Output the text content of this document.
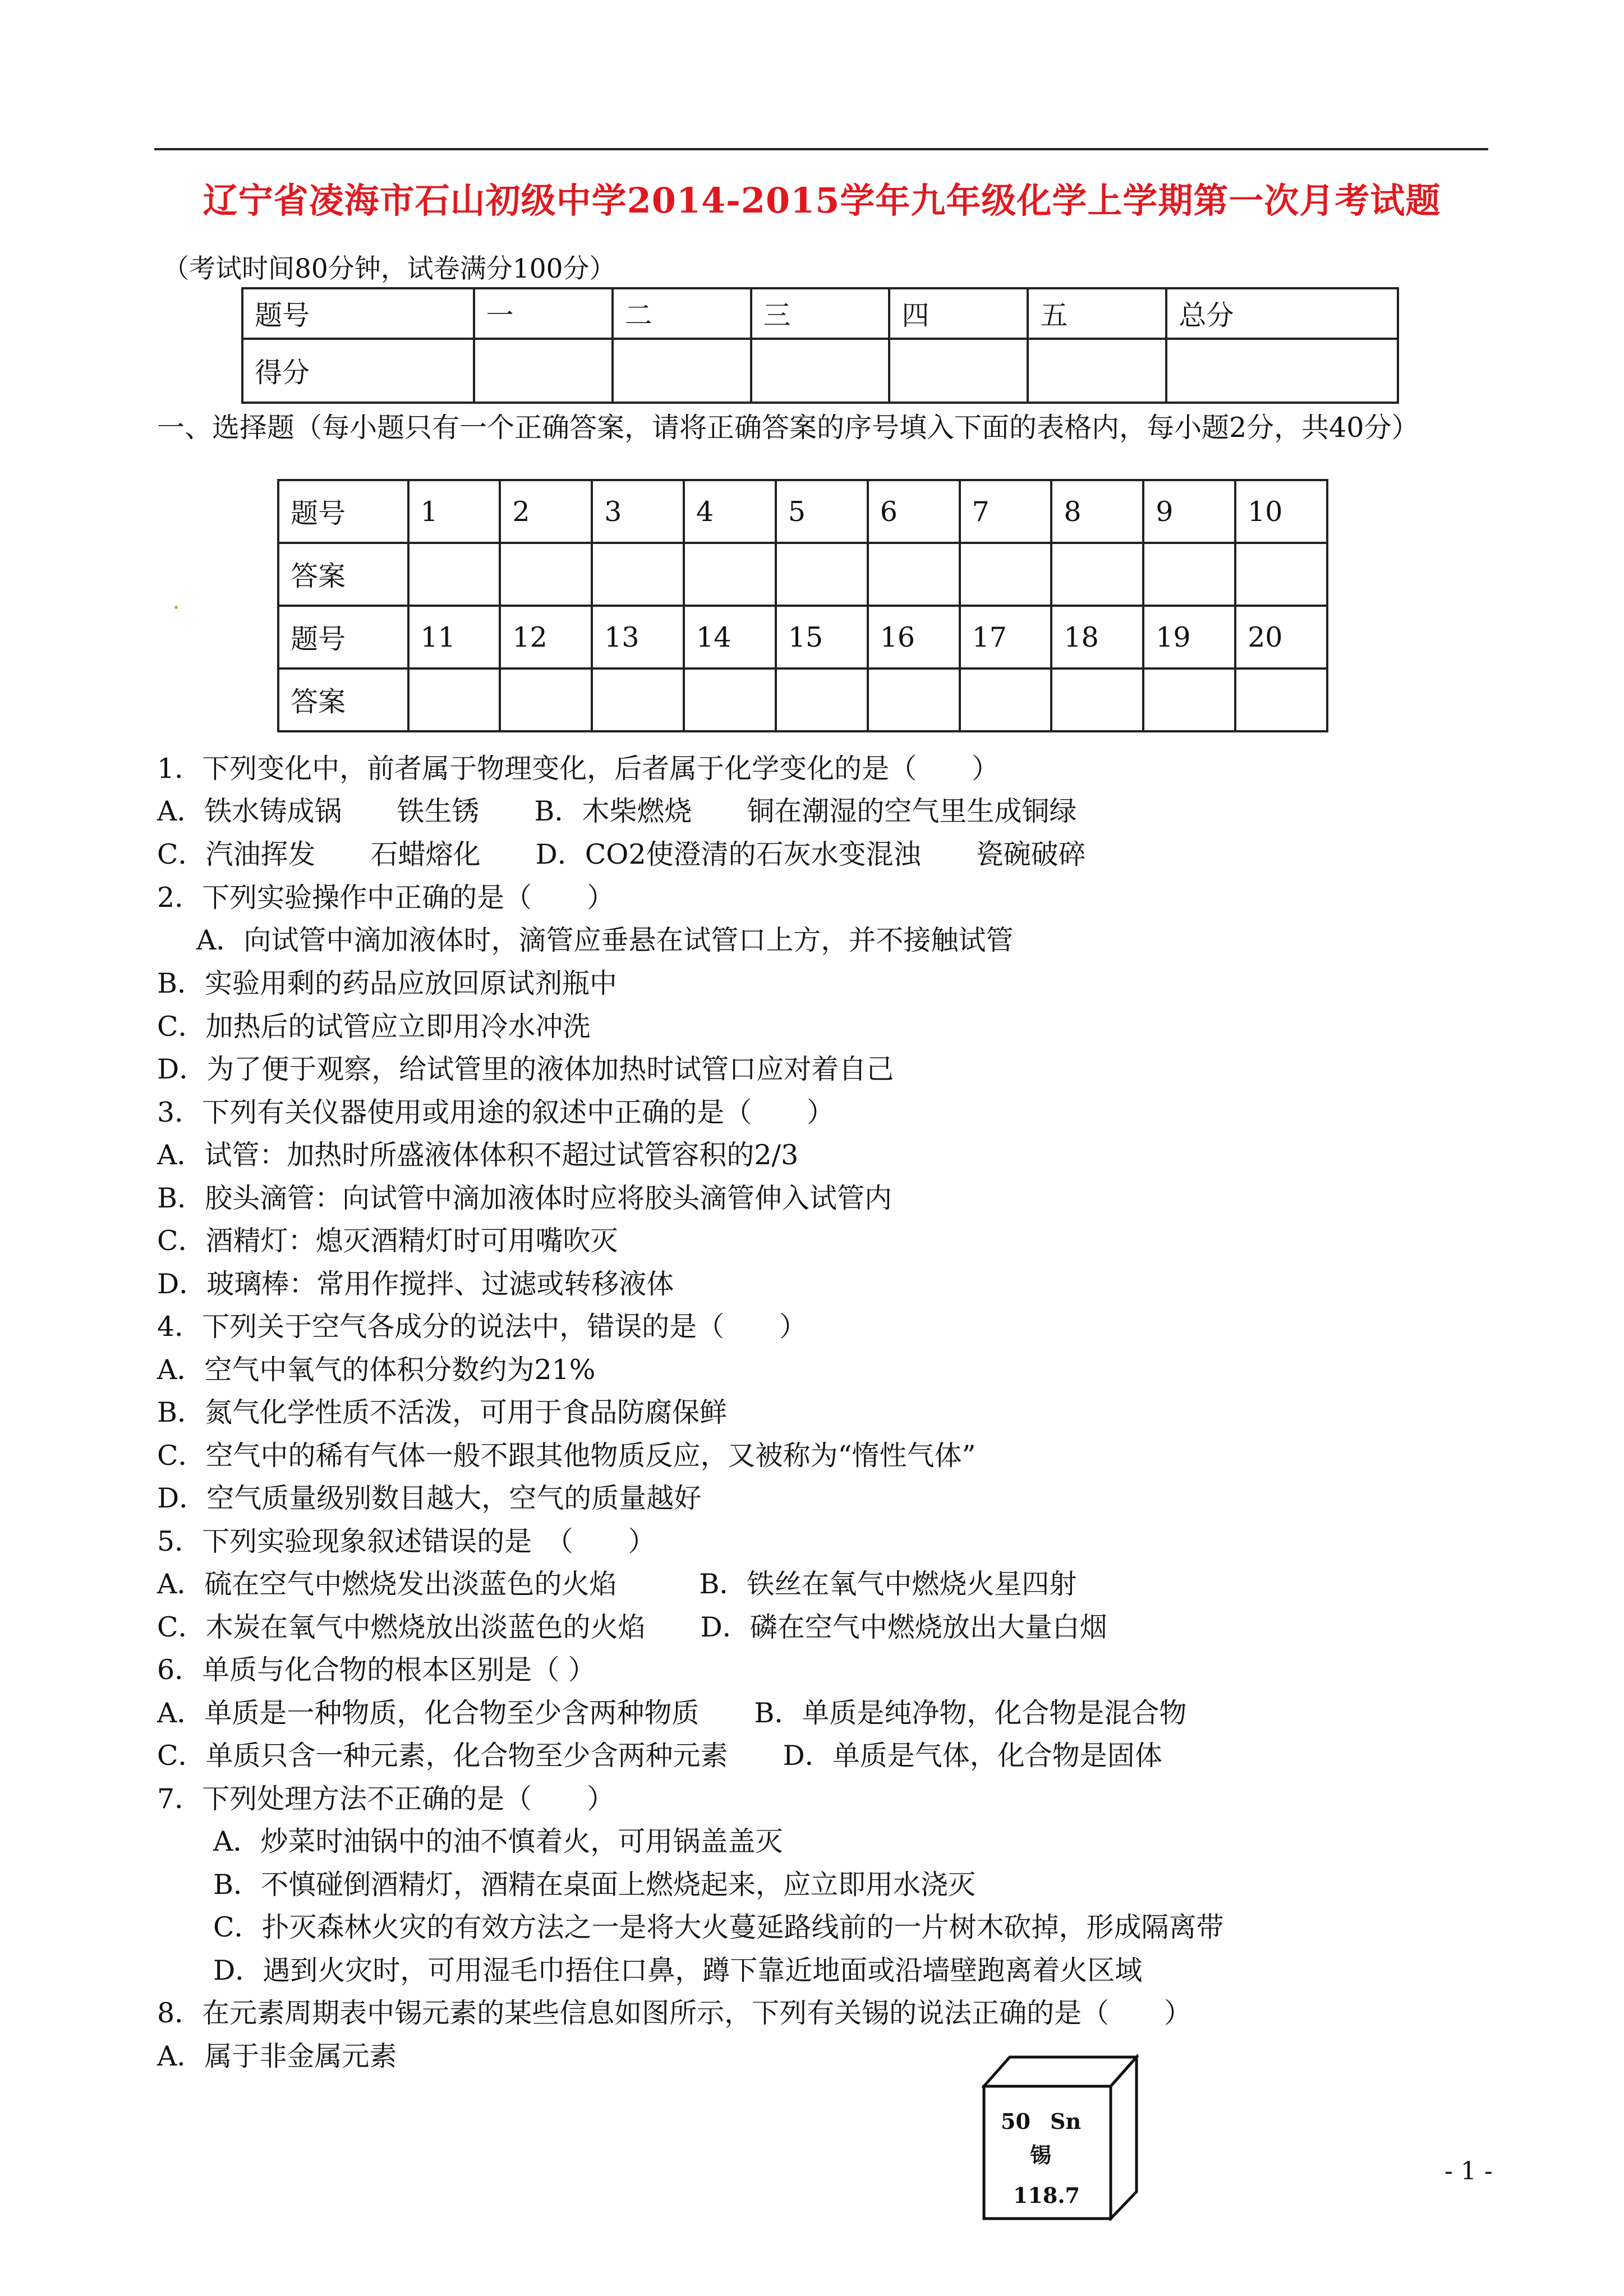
辽宁省凌海市石山初级中学2014-2015学年九年级化学上学期第一次月考试题
（考试时间80分钟，试卷满分100分）
题号	一	二	三	四	五	总分
得分						
一、选择题（每小题只有一个正确答案，请将正确答案的序号填入下面的表格内，每小题2分，共40分）
题号	1	2	3	4	5	6	7	8	9	10
答案										
题号	11	12	13	14	15	16	17	18	19	20
答案										
1．下列变化中，前者属于物理变化，后者属于化学变化的是（　　）
A．铁水铸成锅　　铁生锈　　B．木柴燃烧　　铜在潮湿的空气里生成铜绿
C．汽油挥发　　石蜡熔化　　D．CO2使澄清的石灰水变混浊　　瓷碗破碎
2．下列实验操作中正确的是（　　）
A．向试管中滴加液体时，滴管应垂悬在试管口上方，并不接触试管
B．实验用剩的药品应放回原试剂瓶中
C．加热后的试管应立即用冷水冲洗
D．为了便于观察，给试管里的液体加热时试管口应对着自己
3．下列有关仪器使用或用途的叙述中正确的是（　　）
A．试管：加热时所盛液体体积不超过试管容积的2/3
B．胶头滴管：向试管中滴加液体时应将胶头滴管伸入试管内
C．酒精灯：熄灭酒精灯时可用嘴吹灭
D．玻璃棒：常用作搅拌、过滤或转移液体
4．下列关于空气各成分的说法中，错误的是（　　）
A．空气中氧气的体积分数约为21%
B．氮气化学性质不活泼，可用于食品防腐保鲜
C．空气中的稀有气体一般不跟其他物质反应，又被称为“惰性气体”
D．空气质量级别数目越大，空气的质量越好
5．下列实验现象叙述错误的是　（　　）
A．硫在空气中燃烧发出淡蓝色的火焰　　　B．铁丝在氧气中燃烧火星四射
C．木炭在氧气中燃烧放出淡蓝色的火焰　　D．磷在空气中燃烧放出大量白烟
6．单质与化合物的根本区别是（ ）
A．单质是一种物质，化合物至少含两种物质　　B．单质是纯净物，化合物是混合物
C．单质只含一种元素，化合物至少含两种元素　　D．单质是气体，化合物是固体
7．下列处理方法不正确的是（　　）
A．炒菜时油锅中的油不慎着火，可用锅盖盖灭
B．不慎碰倒酒精灯，酒精在桌面上燃烧起来，应立即用水浇灭
C．扑灭森林火灾的有效方法之一是将大火蔓延路线前的一片树木砍掉，形成隔离带
D．遇到火灾时，可用湿毛巾捂住口鼻，蹲下靠近地面或沿墙壁跑离着火区域
8．在元素周期表中锡元素的某些信息如图所示，下列有关锡的说法正确的是（　　）
A．属于非金属元素
50 Sn
锡
118.7
- 1 -
